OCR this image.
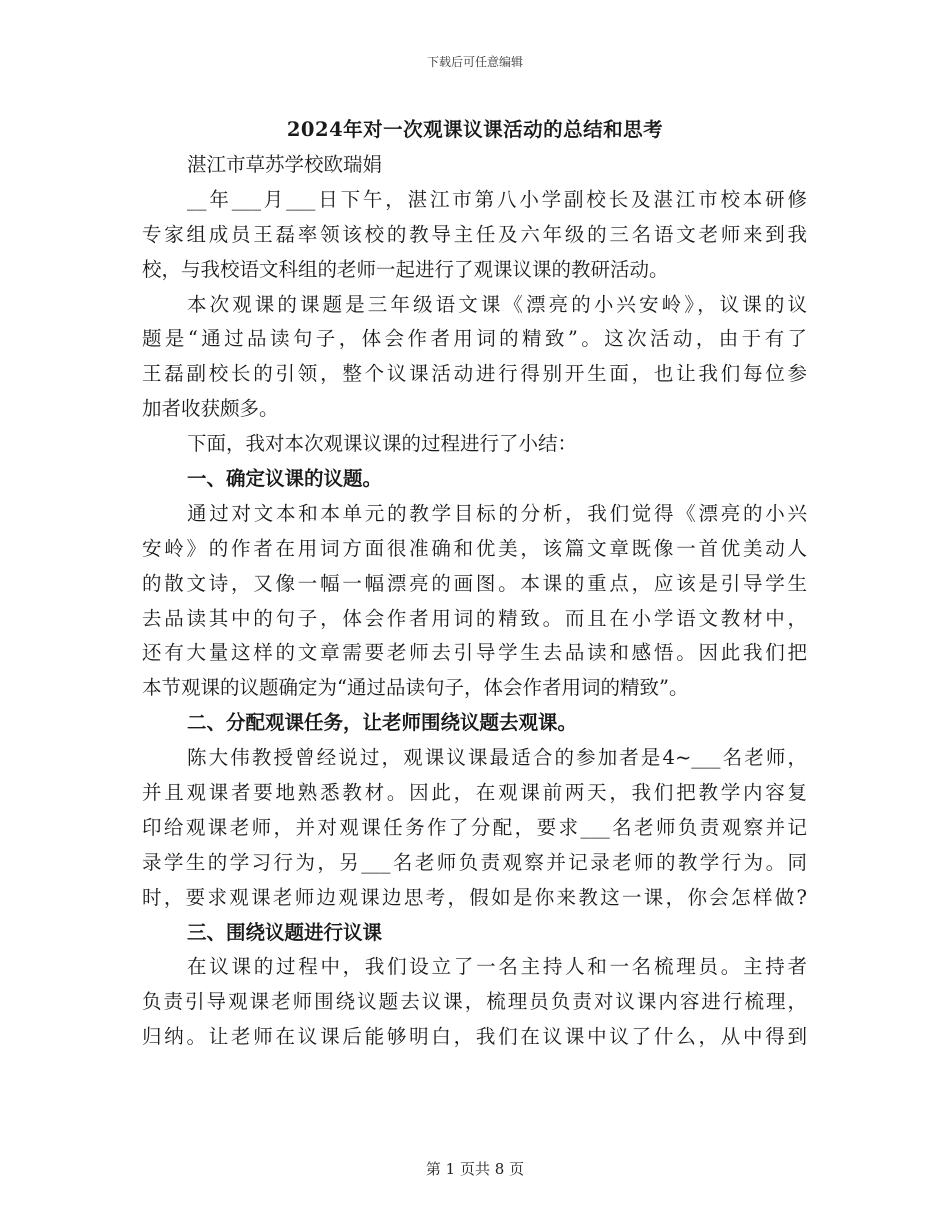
下载后可任意编辑
2024年对一次观课议课活动的总结和思考
湛江市草苏学校欧瑞娟
__年___月___日下午，湛江市第八小学副校长及湛江市校本研修
专家组成员王磊率领该校的教导主任及六年级的三名语文老师来到我
校，与我校语文科组的老师一起进行了观课议课的教研活动。
本次观课的课题是三年级语文课《漂亮的小兴安岭》，议课的议
题是“通过品读句子，体会作者用词的精致”。这次活动，由于有了
王磊副校长的引领，整个议课活动进行得别开生面，也让我们每位参
加者收获颇多。
下面，我对本次观课议课的过程进行了小结：
一、确定议课的议题。
通过对文本和本单元的教学目标的分析，我们觉得《漂亮的小兴
安岭》的作者在用词方面很准确和优美，该篇文章既像一首优美动人
的散文诗，又像一幅一幅漂亮的画图。本课的重点，应该是引导学生
去品读其中的句子，体会作者用词的精致。而且在小学语文教材中，
还有大量这样的文章需要老师去引导学生去品读和感悟。因此我们把
本节观课的议题确定为“通过品读句子，体会作者用词的精致”。
二、分配观课任务，让老师围绕议题去观课。
陈大伟教授曾经说过，观课议课最适合的参加者是4~___名老师，
并且观课者要地熟悉教材。因此，在观课前两天，我们把教学内容复
印给观课老师，并对观课任务作了分配，要求___名老师负责观察并记
录学生的学习行为，另___名老师负责观察并记录老师的教学行为。同
时，要求观课老师边观课边思考，假如是你来教这一课，你会怎样做?
三、围绕议题进行议课
在议课的过程中，我们设立了一名主持人和一名梳理员。主持者
负责引导观课老师围绕议题去议课，梳理员负责对议课内容进行梳理，
归纳。让老师在议课后能够明白，我们在议课中议了什么，从中得到
第 1 页共 8 页
